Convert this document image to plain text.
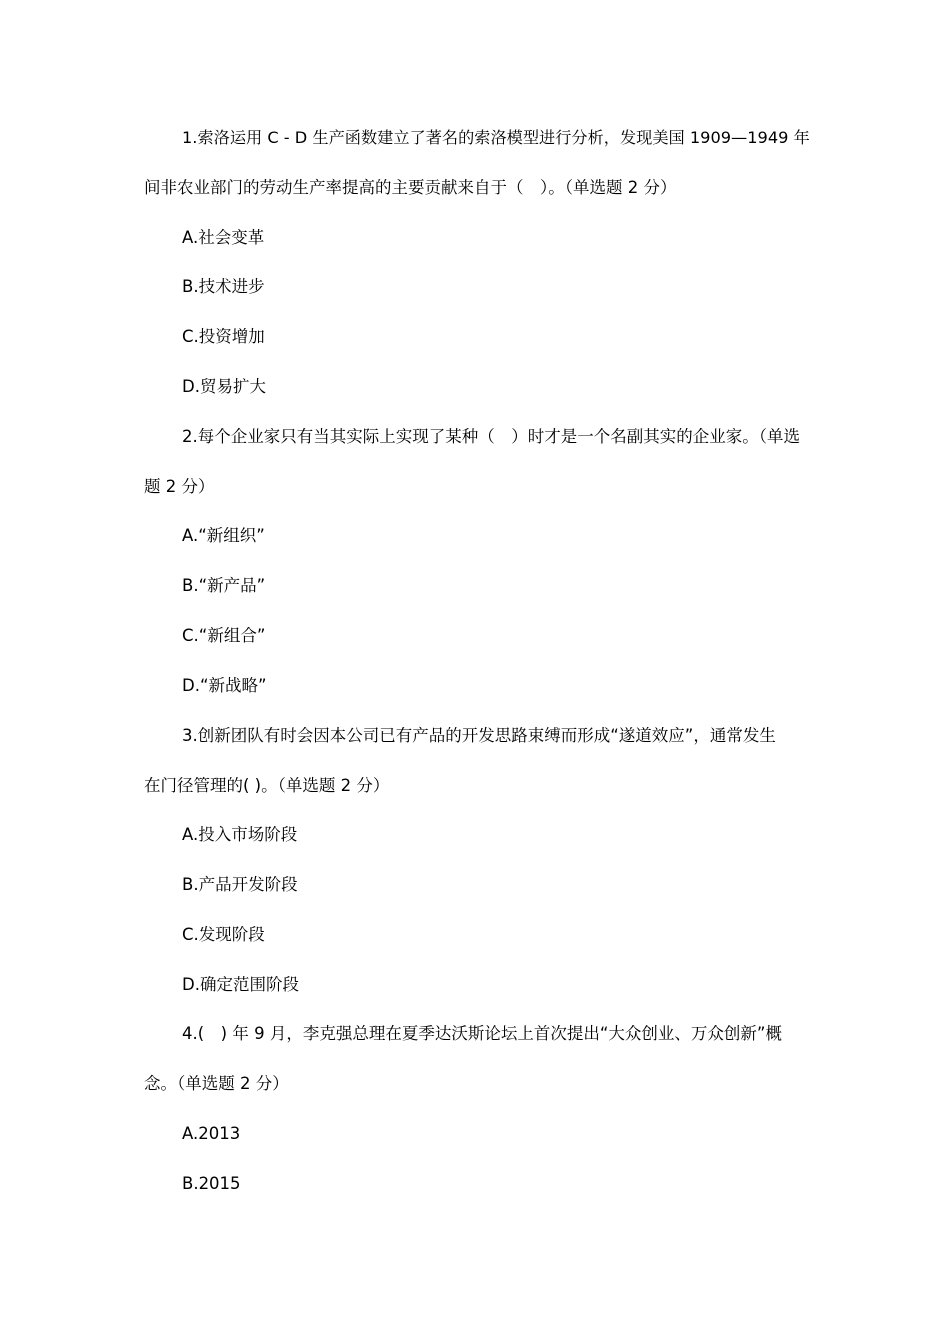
1.索洛运用 C - D 生产函数建立了著名的索洛模型进行分析，发现美国 1909—1949 年
间非农业部门的劳动生产率提高的主要贡献来自于（　）。（单选题 2 分）
A.社会变革
B.技术进步
C.投资增加
D.贸易扩大
2.每个企业家只有当其实际上实现了某种（　）时才是一个名副其实的企业家。（单选
题 2 分）
A.“新组织”
B.“新产品”
C.“新组合”
D.“新战略”
3.创新团队有时会因本公司已有产品的开发思路束缚而形成“遂道效应”，通常发生
在门径管理的( )。（单选题 2 分）
A.投入市场阶段
B.产品开发阶段
C.发现阶段
D.确定范围阶段
4.(　) 年 9 月，李克强总理在夏季达沃斯论坛上首次提出“大众创业、万众创新”概
念。（单选题 2 分）
A.2013
B.2015
